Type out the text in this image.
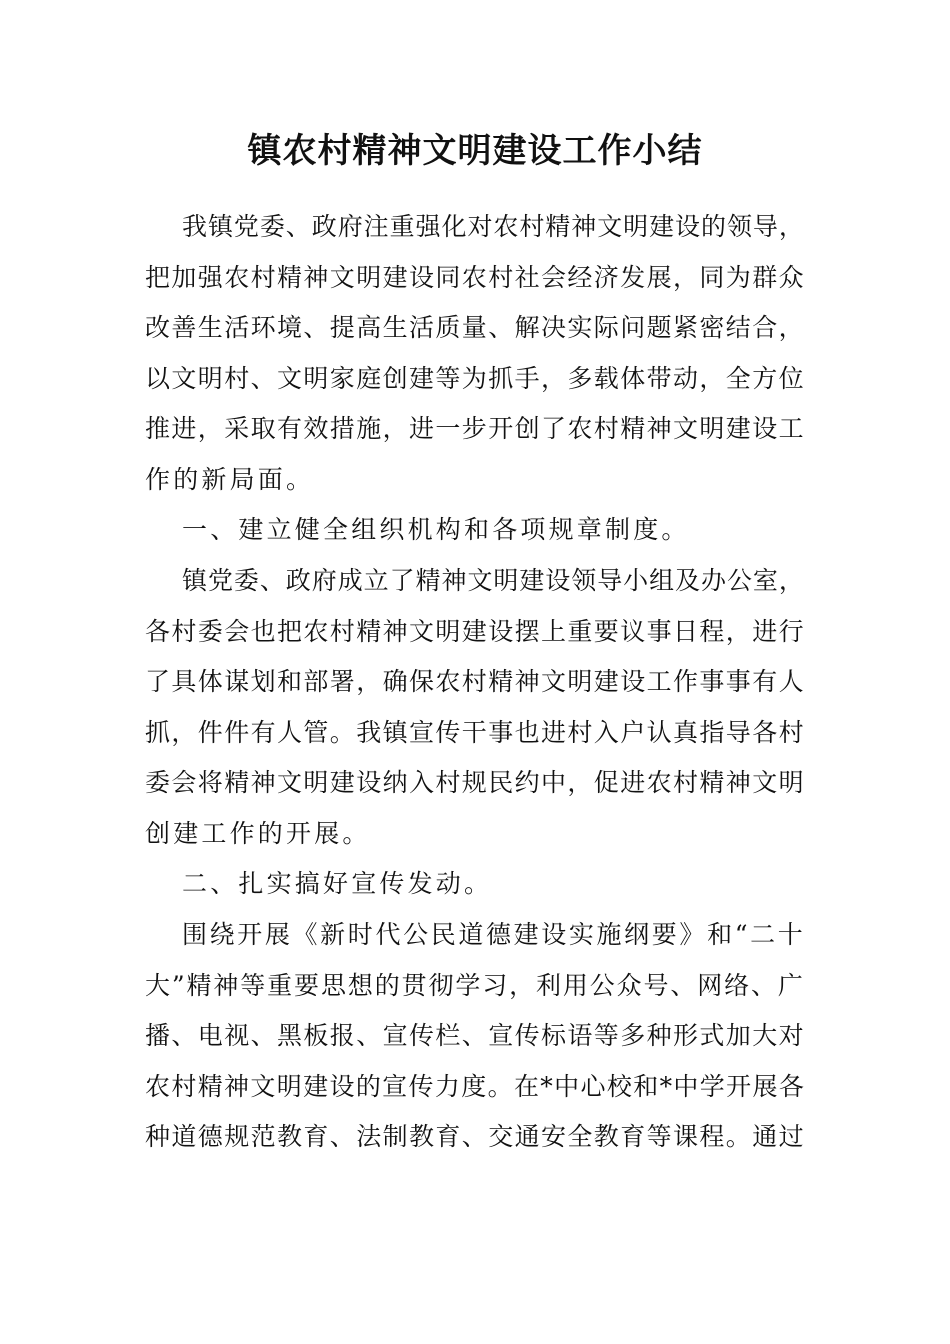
镇农村精神文明建设工作小结
我镇党委、政府注重强化对农村精神文明建设的领导，
把加强农村精神文明建设同农村社会经济发展，同为群众
改善生活环境、提高生活质量、解决实际问题紧密结合，
以文明村、文明家庭创建等为抓手，多载体带动，全方位
推进，采取有效措施，进一步开创了农村精神文明建设工
作的新局面。
一、建立健全组织机构和各项规章制度。
镇党委、政府成立了精神文明建设领导小组及办公室，
各村委会也把农村精神文明建设摆上重要议事日程，进行
了具体谋划和部署，确保农村精神文明建设工作事事有人
抓，件件有人管。我镇宣传干事也进村入户认真指导各村
委会将精神文明建设纳入村规民约中，促进农村精神文明
创建工作的开展。
二、扎实搞好宣传发动。
围绕开展《新时代公民道德建设实施纲要》和“二十
大”精神等重要思想的贯彻学习，利用公众号、网络、广
播、电视、黑板报、宣传栏、宣传标语等多种形式加大对
农村精神文明建设的宣传力度。在*中心校和*中学开展各
种道德规范教育、法制教育、交通安全教育等课程。通过
